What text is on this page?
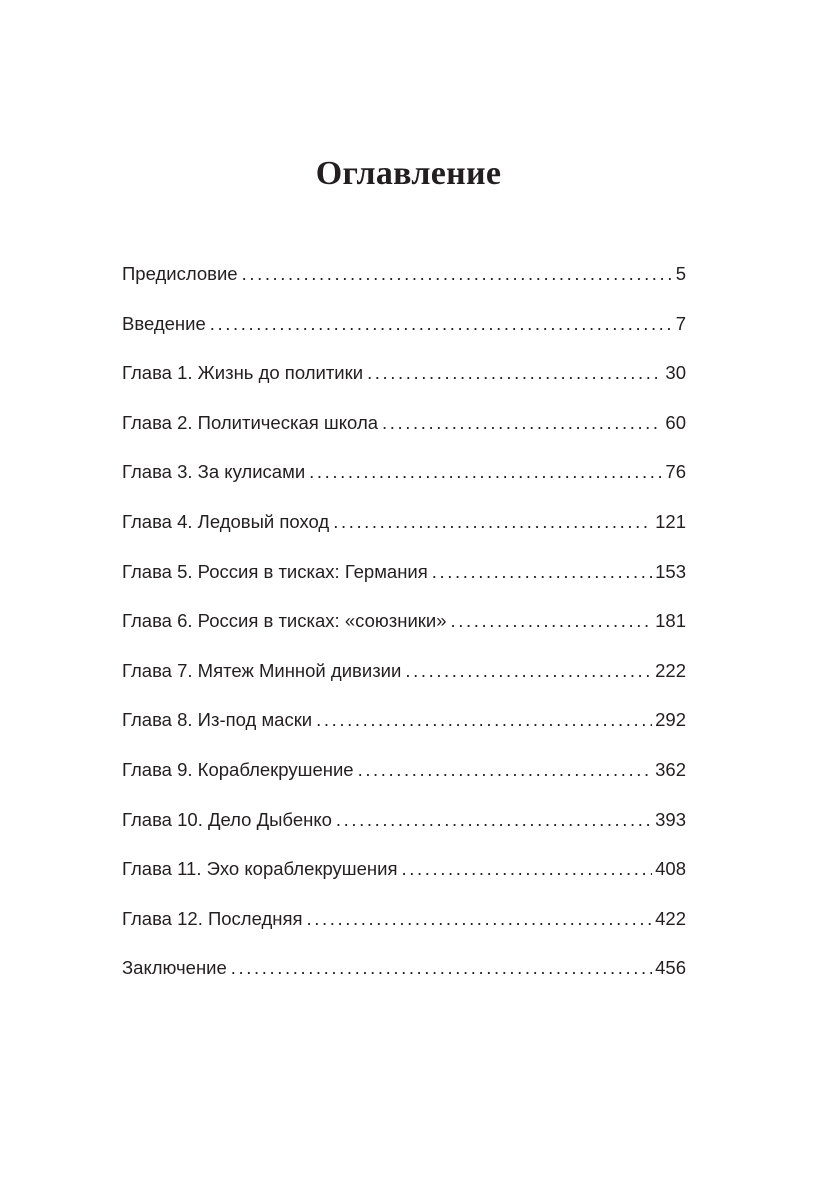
Оглавление
Предисловие .....	5
Введение .....	7
Глава 1. Жизнь до политики .....	30
Глава 2. Политическая школа .....	60
Глава 3. За кулисами .....	76
Глава 4. Ледовый поход .....	121
Глава 5. Россия в тисках: Германия .....	153
Глава 6. Россия в тисках: «союзники» .....	181
Глава 7. Мятеж Минной дивизии .....	222
Глава 8. Из-под маски .....	292
Глава 9. Кораблекрушение .....	362
Глава 10. Дело Дыбенко .....	393
Глава 11. Эхо кораблекрушения .....	408
Глава 12. Последняя .....	422
Заключение .....	456
